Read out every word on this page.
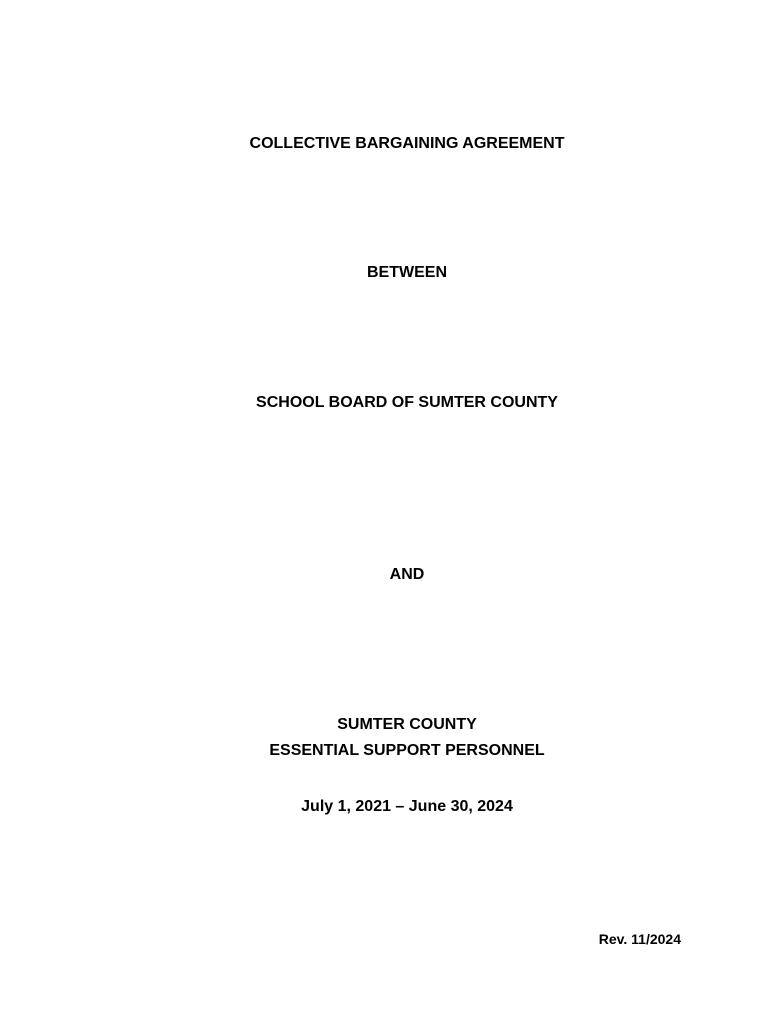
COLLECTIVE BARGAINING AGREEMENT
BETWEEN
SCHOOL BOARD OF SUMTER COUNTY
AND
SUMTER COUNTY
ESSENTIAL SUPPORT PERSONNEL
July 1, 2021 – June 30, 2024
Rev. 11/2024
